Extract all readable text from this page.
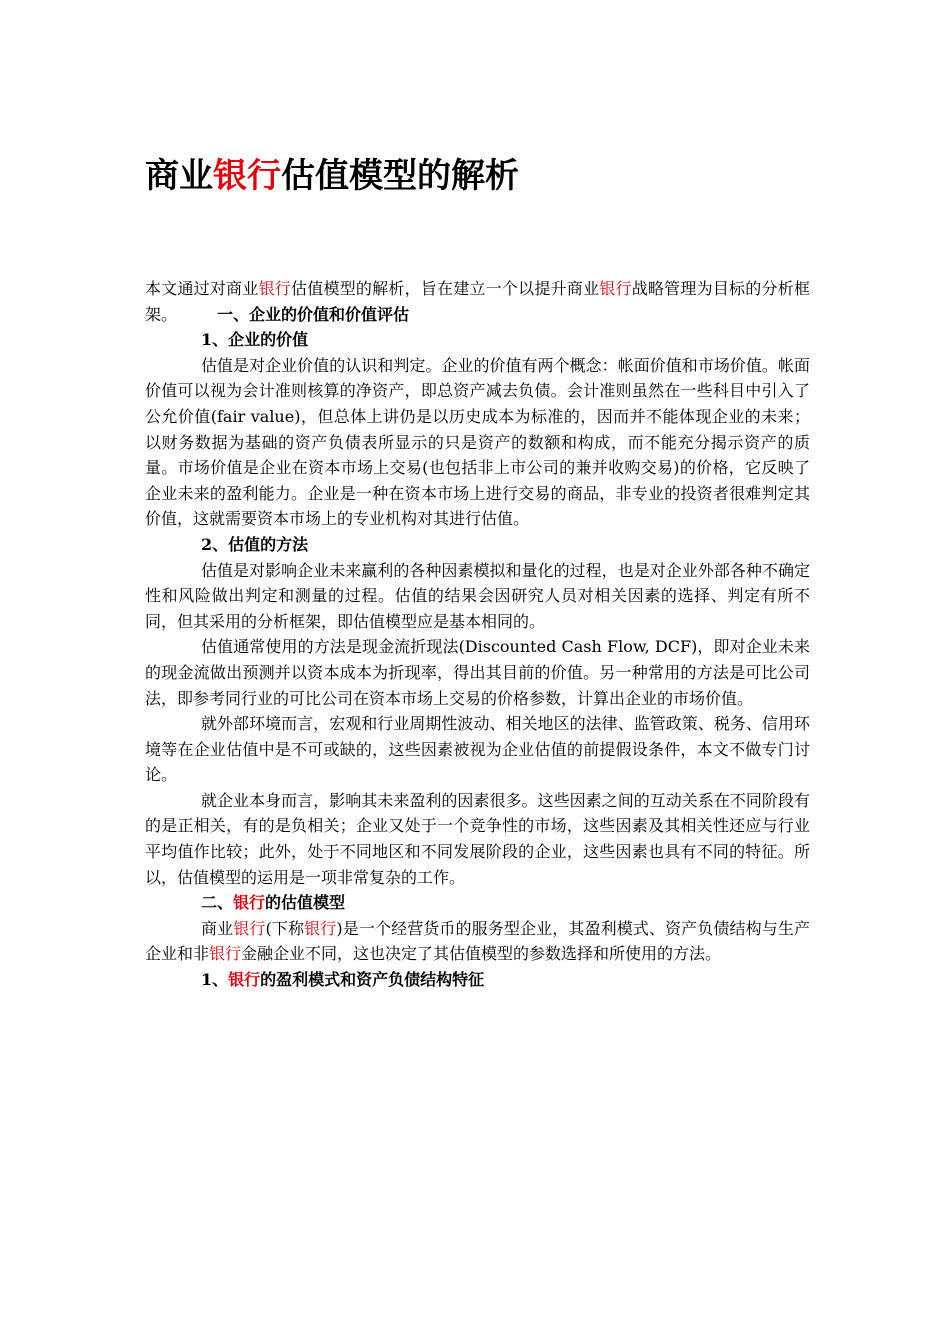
商业银行估值模型的解析

本文通过对商业银行估值模型的解析，旨在建立一个以提升商业银行战略管理为目标的分析框架。	一、企业的价值和价值评估

1、企业的价值

估值是对企业价值的认识和判定。企业的价值有两个概念：帐面价值和市场价值。帐面价值可以视为会计准则核算的净资产，即总资产减去负债。会计准则虽然在一些科目中引入了公允价值(fair value)，但总体上讲仍是以历史成本为标准的，因而并不能体现企业的未来；以财务数据为基础的资产负债表所显示的只是资产的数额和构成，而不能充分揭示资产的质量。市场价值是企业在资本市场上交易(也包括非上市公司的兼并收购交易)的价格，它反映了企业未来的盈利能力。企业是一种在资本市场上进行交易的商品，非专业的投资者很难判定其价值，这就需要资本市场上的专业机构对其进行估值。

2、估值的方法

估值是对影响企业未来赢利的各种因素模拟和量化的过程，也是对企业外部各种不确定性和风险做出判定和测量的过程。估值的结果会因研究人员对相关因素的选择、判定有所不同，但其采用的分析框架，即估值模型应是基本相同的。

估值通常使用的方法是现金流折现法(Discounted Cash Flow, DCF)，即对企业未来的现金流做出预测并以资本成本为折现率，得出其目前的价值。另一种常用的方法是可比公司法，即参考同行业的可比公司在资本市场上交易的价格参数，计算出企业的市场价值。

就外部环境而言，宏观和行业周期性波动、相关地区的法律、监管政策、税务、信用环境等在企业估值中是不可或缺的，这些因素被视为企业估值的前提假设条件，本文不做专门讨论。

就企业本身而言，影响其未来盈利的因素很多。这些因素之间的互动关系在不同阶段有的是正相关，有的是负相关；企业又处于一个竞争性的市场，这些因素及其相关性还应与行业平均值作比较；此外，处于不同地区和不同发展阶段的企业，这些因素也具有不同的特征。所以，估值模型的运用是一项非常复杂的工作。

二、银行的估值模型

商业银行(下称银行)是一个经营货币的服务型企业，其盈利模式、资产负债结构与生产企业和非银行金融企业不同，这也决定了其估值模型的参数选择和所使用的方法。

1、银行的盈利模式和资产负债结构特征
